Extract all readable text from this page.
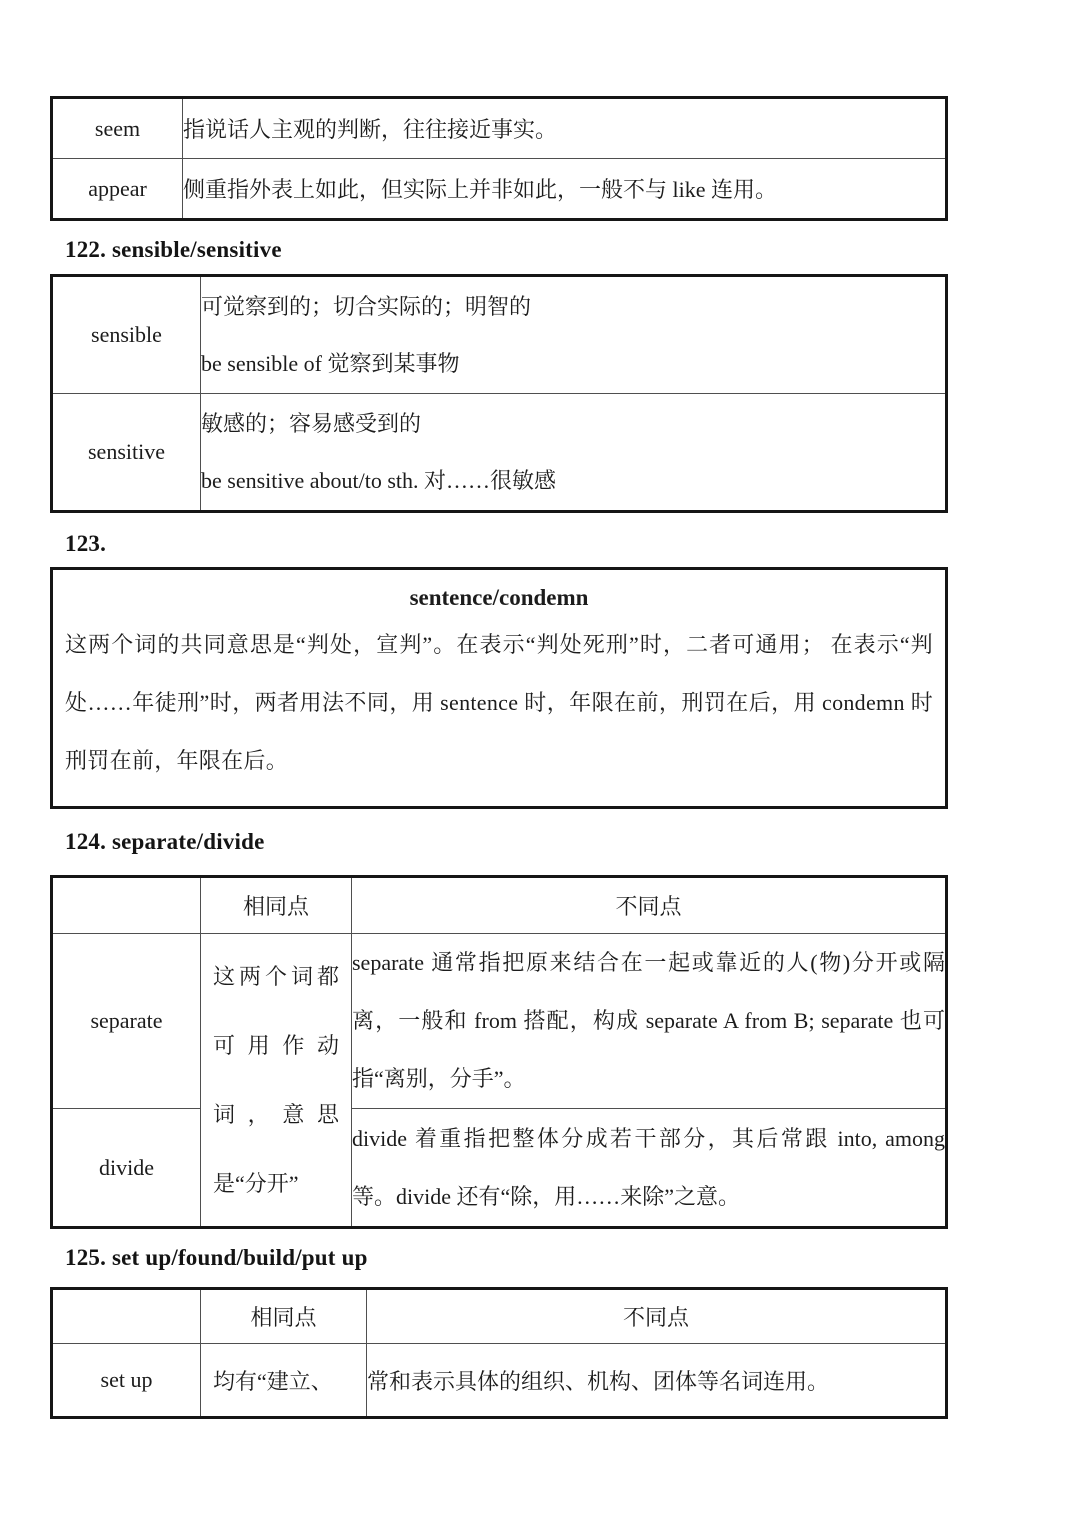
seem	指说话人主观的判断，往往接近事实。
appear	侧重指外表上如此，但实际上并非如此，一般不与 like 连用。
122. sensible/sensitive
sensible	可觉察到的；切合实际的；明智的
be sensible of 觉察到某事物

sensitive	敏感的；容易感受到的
be sensitive about/to sth. 对……很敏感
123.
sentence/condemn
这两个词的共同意思是“判处，宣判”。在表示“判处死刑”时，二者可通用； 在表示“判处……年徒刑”时，两者用法不同，用 sentence 时，年限在前，刑罚在后，用 condemn 时刑罚在前，年限在后。
124. separate/divide
	相同点	不同点
separate	这两个词都可用作动词，意思是“分开”	separate 通常指把原来结合在一起或靠近的人(物)分开或隔离，一般和 from 搭配，构成 separate A from B; separate 也可指“离别，分手”。
divide		divide 着重指把整体分成若干部分，其后常跟 into, among 等。divide 还有“除，用……来除”之意。
125. set up/found/build/put up
	相同点	不同点
set up	均有“建立、	常和表示具体的组织、机构、团体等名词连用。
